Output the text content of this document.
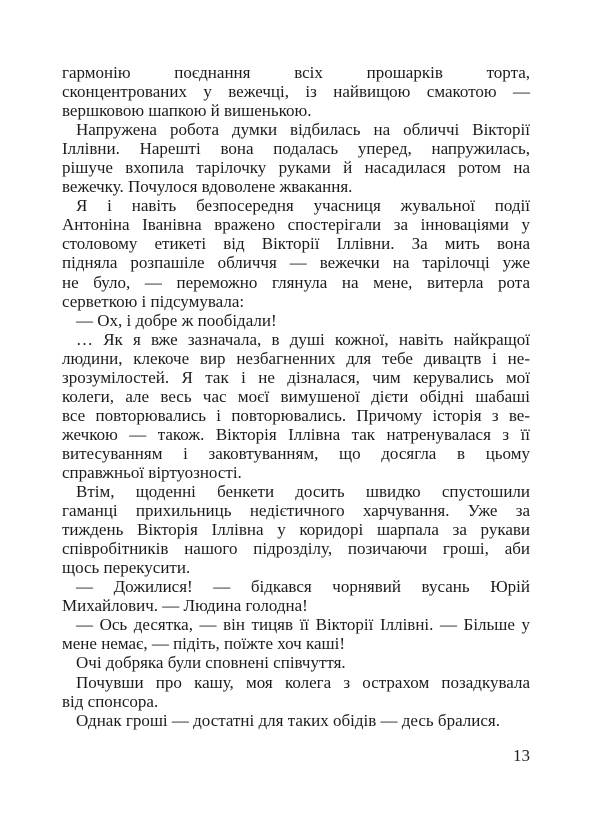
гармонію поєднання всіх прошарків торта,
сконцентрованих у вежечці, із найвищою смакотою —
вершковою шапкою й вишенькою.
Напружена робота думки відбилась на обличчі Вікторії
Іллівни. Нарешті вона подалась уперед, напружилась,
рішуче вхопила тарілочку руками й насадилася ротом на
вежечку. Почулося вдоволене жвакання.
Я і навіть безпосередня учасниця жувальної події
Антоніна Іванівна вражено спостерігали за інноваціями у
столовому етикеті від Вікторії Іллівни. За мить вона
підняла розпашіле обличчя — вежечки на тарілочці уже
не було, — переможно глянула на мене, витерла рота
серветкою і підсумувала:
— Ох, і добре ж пообідали!
… Як я вже зазначала, в душі кожної, навіть найкращої
людини, клекоче вир незбагненних для тебе дивацтв і не-
зрозумілостей. Я так і не дізналася, чим керувались мої
колеги, але весь час моєї вимушеної дієти обідні шабаші
все повторювались і повторювались. Причому історія з ве-
жечкою — також. Вікторія Іллівна так натренувалася з її
витесуванням і заковтуванням, що досягла в цьому
справжньої віртуозності.
Втім, щоденні бенкети досить швидко спустошили
гаманці прихильниць недієтичного харчування. Уже за
тиждень Вікторія Іллівна у коридорі шарпала за рукави
співробітників нашого підрозділу, позичаючи гроші, аби
щось перекусити.
— Дожилися! — бідкався чорнявий вусань Юрій
Михайлович. — Людина голодна!
— Ось десятка, — він тицяв її Вікторії Іллівні. — Більше у
мене немає, — підіть, поїжте хоч каші!
Очі добряка були сповнені співчуття.
Почувши про кашу, моя колега з острахом позадкувала
від спонсора.
Однак гроші — достатні для таких обідів — десь бралися.
13
